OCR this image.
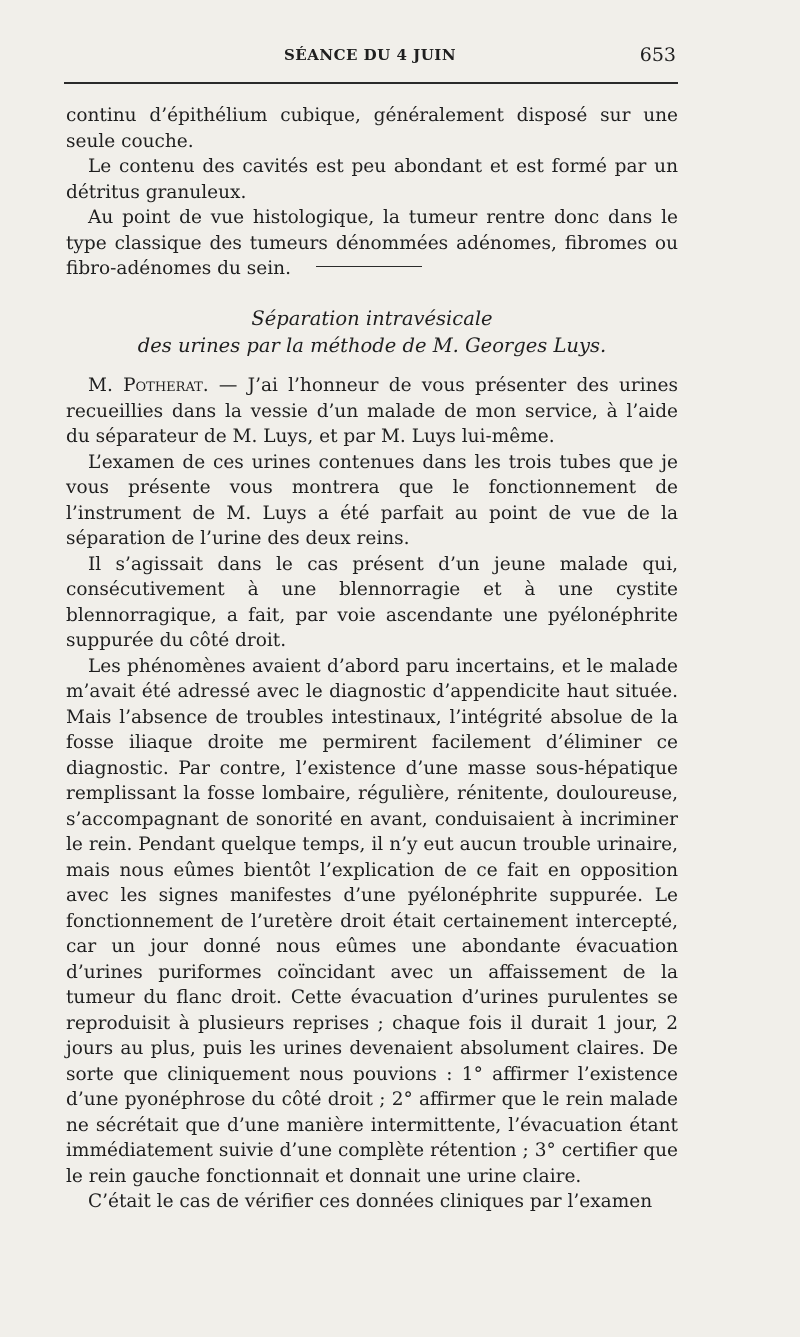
SÉANCE DU 4 JUIN	653

continu d’épithélium cubique, généralement disposé sur une seule couche.

Le contenu des cavités est peu abondant et est formé par un détritus granuleux.

Au point de vue histologique, la tumeur rentre donc dans le type classique des tumeurs dénommées adénomes, fibromes ou fibro-adénomes du sein.

Séparation intravésicale
des urines par la méthode de M. Georges Luys.

M. Potherat. — J’ai l’honneur de vous présenter des urines recueillies dans la vessie d’un malade de mon service, à l’aide du séparateur de M. Luys, et par M. Luys lui-même.

L’examen de ces urines contenues dans les trois tubes que je vous présente vous montrera que le fonctionnement de l’instrument de M. Luys a été parfait au point de vue de la séparation de l’urine des deux reins.

Il s’agissait dans le cas présent d’un jeune malade qui, consécutivement à une blennorragie et à une cystite blennorragique, a fait, par voie ascendante une pyélonéphrite suppurée du côté droit.

Les phénomènes avaient d’abord paru incertains, et le malade m’avait été adressé avec le diagnostic d’appendicite haut située. Mais l’absence de troubles intestinaux, l’intégrité absolue de la fosse iliaque droite me permirent facilement d’éliminer ce diagnostic. Par contre, l’existence d’une masse sous-hépatique remplissant la fosse lombaire, régulière, rénitente, douloureuse, s’accompagnant de sonorité en avant, conduisaient à incriminer le rein. Pendant quelque temps, il n’y eut aucun trouble urinaire, mais nous eûmes bientôt l’explication de ce fait en opposition avec les signes manifestes d’une pyélonéphrite suppurée. Le fonctionnement de l’uretère droit était certainement intercepté, car un jour donné nous eûmes une abondante évacuation d’urines puriformes coïncidant avec un affaissement de la tumeur du flanc droit. Cette évacuation d’urines purulentes se reproduisit à plusieurs reprises ; chaque fois il durait 1 jour, 2 jours au plus, puis les urines devenaient absolument claires. De sorte que cliniquement nous pouvions : 1° affirmer l’existence d’une pyonéphrose du côté droit ; 2° affirmer que le rein malade ne sécrétait que d’une manière intermittente, l’évacuation étant immédiatement suivie d’une complète rétention ; 3° certifier que le rein gauche fonctionnait et donnait une urine claire.

C’était le cas de vérifier ces données cliniques par l’examen
